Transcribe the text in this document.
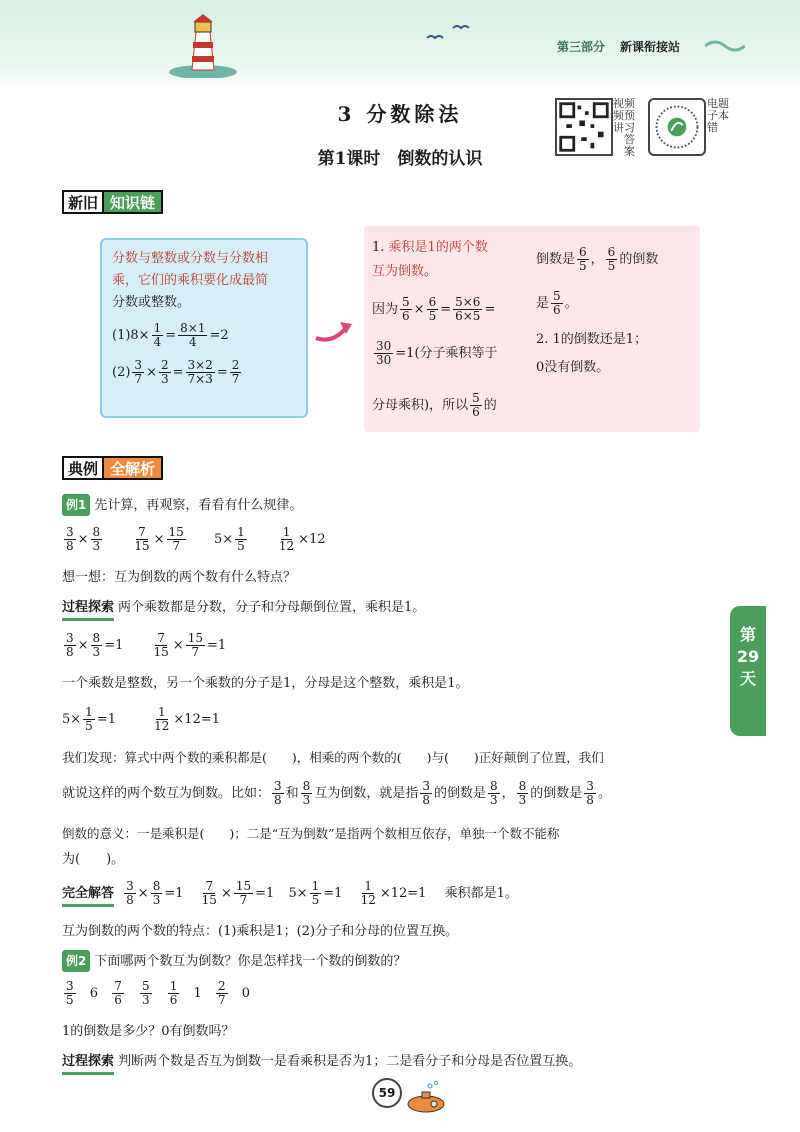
第三部分 新课衔接站
3 分数除法
第1课时　倒数的认识
视频讲
频预习答案
电子错
题本
新旧 知识链
分数与整数或分数与分数相
乘，它们的乘积要化成最简
分数或整数。
$(1)8\times \frac{1}{4} = \frac{8\times 1}{4} =2$
$(2) \frac{3}{7} \times \frac{2}{3} = \frac{3\times 2}{7\times 3} = \frac{2}{7}$
1. 乘积是1的两个数
互为倒数。
因为 $\frac{5}{6} \times \frac{6}{5} = \frac{5\times 6}{6\times 5}$ =
$\frac{30}{30} =1$(分子乘积等于
分母乘积)，所以 $\frac{5}{6}$ 的
倒数是 $\frac{6}{5}$ ， $\frac{6}{5}$ 的倒数
是 $\frac{5}{6}$ 。
2. 1的倒数还是1；
0没有倒数。
典例 全解析
例1 先计算，再观察，看看有什么规律。
$\frac{3}{8} \times \frac{8}{3}$
	$\frac{7}{15} \times \frac{15}{7} 5\times \frac{1}{5}$
	$\frac{1}{12} \times 12$
想一想：互为倒数的两个数有什么特点？
过程探索 两个乘数都是分数，分子和分母颠倒位置，乘积是1。
$\frac{3}{8} \times \frac{8}{3} =1 \frac{7}{15} \times \frac{15}{7} =1$
一个乘数是整数，另一个乘数的分子是1，分母是这个整数，乘积是1。
$5\times \frac{1}{5} =1$	$\frac{1}{12} \times 12=1$
我们发现：算式中两个数的乘积都是(　　)，相乘的两个数的(　　)与(　　)正好颠倒了位置，我们
就说这样的两个数互为倒数。比如： $\frac{3}{8}$ 和 $\frac{8}{3}$ 互为倒数，就是指 $\frac{3}{8}$ 的倒数是 $\frac{8}{3}$ ， $\frac{8}{3}$ 的倒数是 $\frac{3}{8}$ 。
倒数的意义：一是乘积是(　　)；二是“互为倒数”是指两个数相互依存，单独一个数不能称
为(　　)。
完全解答 $\frac{3}{8} \times \frac{8}{3} =1 \frac{7}{15} \times \frac{15}{7} =1$ $5\times \frac{1}{5} =1 \frac{1}{12} \times 12=1$ 乘积都是1。
互为倒数的两个数的特点：(1)乘积是1；(2)分子和分母的位置互换。
例2 下面哪两个数互为倒数？你是怎样找一个数的倒数的？
$\frac{3}{5} 6 \frac{7}{6}$
$\frac{5}{3}$
$\frac{1}{6} 1 \frac{2}{7} 0$
1的倒数是多少？0有倒数吗？
过程探索 判断两个数是否互为倒数一是看乘积是否为1；二是看分子和分母是否位置互换。
第
29
天
59
